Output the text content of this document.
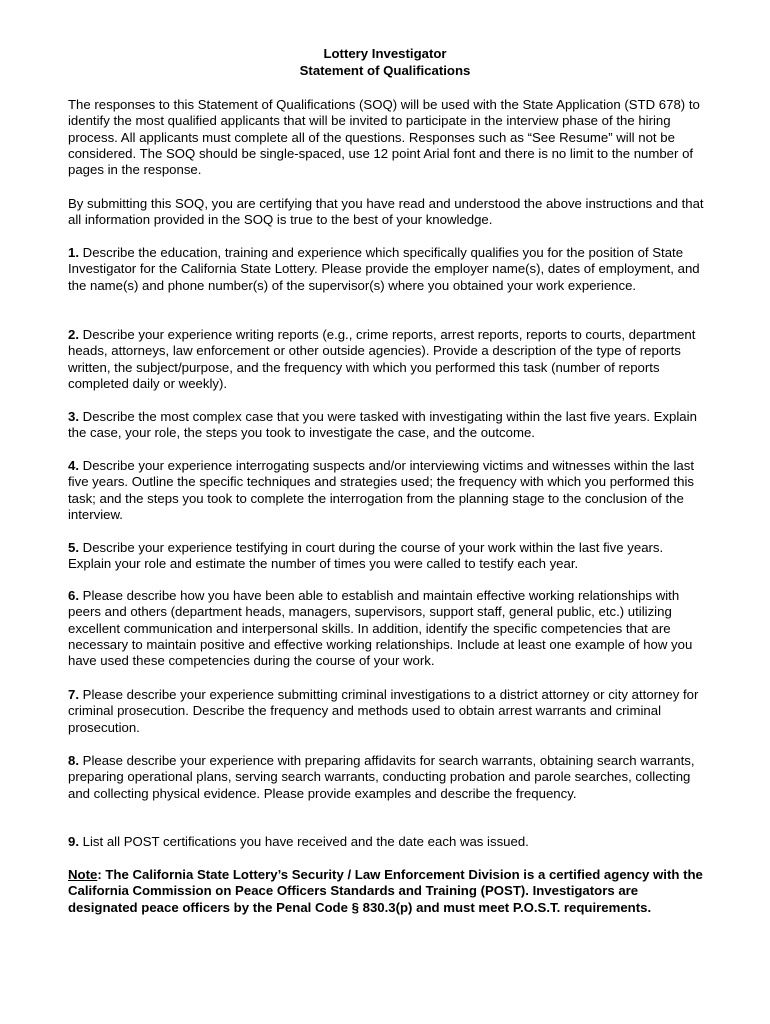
Lottery Investigator

Statement of Qualifications

The responses to this Statement of Qualifications (SOQ) will be used with the State Application (STD 678) to identify the most qualified applicants that will be invited to participate in the interview phase of the hiring process. All applicants must complete all of the questions. Responses such as “See Resume” will not be considered. The SOQ should be single-spaced, use 12 point Arial font and there is no limit to the number of pages in the response.

By submitting this SOQ, you are certifying that you have read and understood the above instructions and that all information provided in the SOQ is true to the best of your knowledge.

1. Describe the education, training and experience which specifically qualifies you for the position of State Investigator for the California State Lottery. Please provide the employer name(s), dates of employment, and the name(s) and phone number(s) of the supervisor(s) where you obtained your work experience.

2. Describe your experience writing reports (e.g., crime reports, arrest reports, reports to courts, department heads, attorneys, law enforcement or other outside agencies). Provide a description of the type of reports written, the subject/purpose, and the frequency with which you performed this task (number of reports completed daily or weekly).

3. Describe the most complex case that you were tasked with investigating within the last five years. Explain the case, your role, the steps you took to investigate the case, and the outcome.

4. Describe your experience interrogating suspects and/or interviewing victims and witnesses within the last five years. Outline the specific techniques and strategies used; the frequency with which you performed this task; and the steps you took to complete the interrogation from the planning stage to the conclusion of the interview.

5. Describe your experience testifying in court during the course of your work within the last five years. Explain your role and estimate the number of times you were called to testify each year.

6. Please describe how you have been able to establish and maintain effective working relationships with peers and others (department heads, managers, supervisors, support staff, general public, etc.) utilizing excellent communication and interpersonal skills. In addition, identify the specific competencies that are necessary to maintain positive and effective working relationships. Include at least one example of how you have used these competencies during the course of your work.

7. Please describe your experience submitting criminal investigations to a district attorney or city attorney for criminal prosecution. Describe the frequency and methods used to obtain arrest warrants and criminal prosecution.

8. Please describe your experience with preparing affidavits for search warrants, obtaining search warrants, preparing operational plans, serving search warrants, conducting probation and parole searches, collecting and collecting physical evidence. Please provide examples and describe the frequency.

9. List all POST certifications you have received and the date each was issued.

Note: The California State Lottery’s Security / Law Enforcement Division is a certified agency with the California Commission on Peace Officers Standards and Training (POST). Investigators are designated peace officers by the Penal Code § 830.3(p) and must meet P.O.S.T. requirements.
